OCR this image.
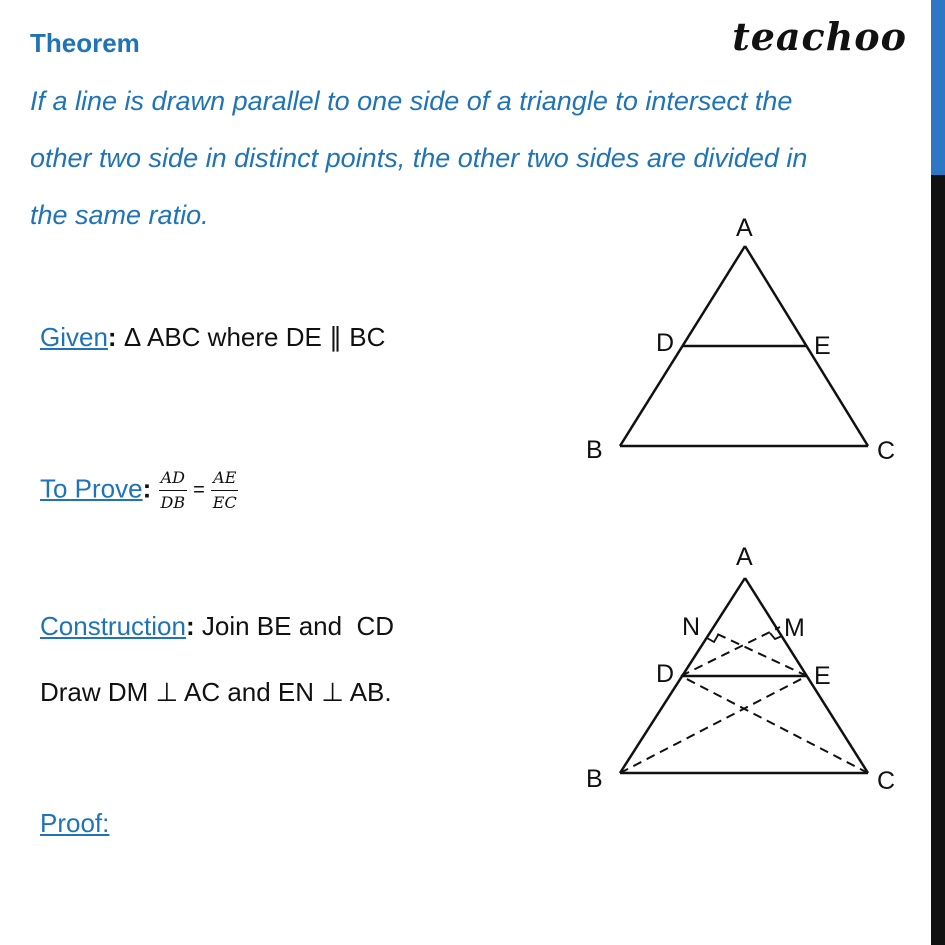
Theorem	teachoo
If a line is drawn parallel to one side of a triangle to intersect the
other two side in distinct points, the other two sides are divided in
the same ratio.
Given: Δ ABC where DE ∥ BC
To Prove: $\frac{AD}{DB} = \frac{AE}{EC}$
Construction: Join BE and  CD
Draw DM ⊥ AC and EN ⊥ AB.
Proof:
A
B	C
D	E
A
B	C
D	E
N	M
